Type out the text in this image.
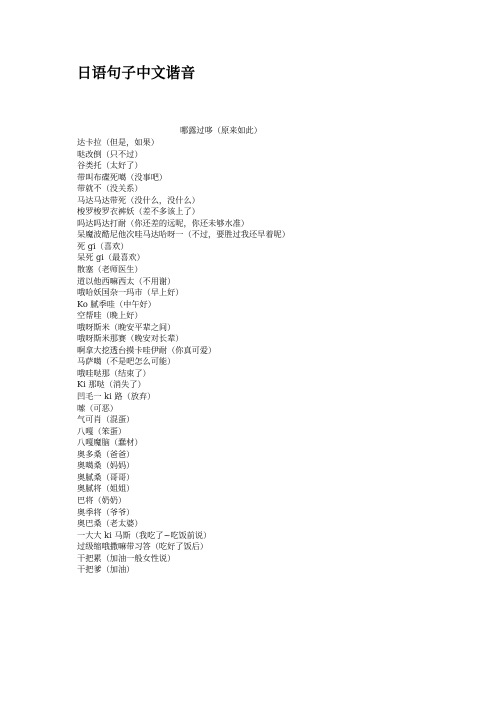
日语句子中文谐音
哪露过哆（原来如此）
达卡拉（但是，如果）
哒改倒（只不过）
谷类托（太好了）
带叫布碟死噶（没事吧）
带就不（没关系）
马达马达带死（没什么，没什么）
梭罗梭罗衣裤妖（差不多该上了）
吗达吗达打耐（你还差的远呢，你还未够水准）
呆魔波酷尼他次哇马达哈呀一（不过，要胜过我还早着呢）
死 gi（喜欢）
呆死 gi（最喜欢）
散塞（老师医生）
道以他西嘛西太（不用谢）
哦哈妖国杂一玛市（早上好）
Ko 腻季哇（中午好）
空帮哇（晚上好）
哦呀斯米（晚安平辈之间）
哦呀斯米那赛（晚安对长辈）
啊拿大挖透台摸卡哇伊耐（你真可爱）
马萨噶（不是吧怎么可能）
哦哇哒那（结束了）
Ki 那哒（消失了）
凹毛一 ki 路（放弃）
嗦（可恶）
气可肖（混蛋）
八嘎（笨蛋）
八嘎魔脑（蠢材）
奥多桑（爸爸）
奥噶桑（妈妈）
奥腻桑（哥哥）
奥腻将（姐姐）
巴将（奶奶）
奥季将（爷爷）
奥巴桑（老太婆）
一大大 ki 马斯（我吃了~吃饭前说）
过级缩哦撒嘛带习答（吃好了饭后）
干把累（加油一般女性说）
干把爹（加油）
